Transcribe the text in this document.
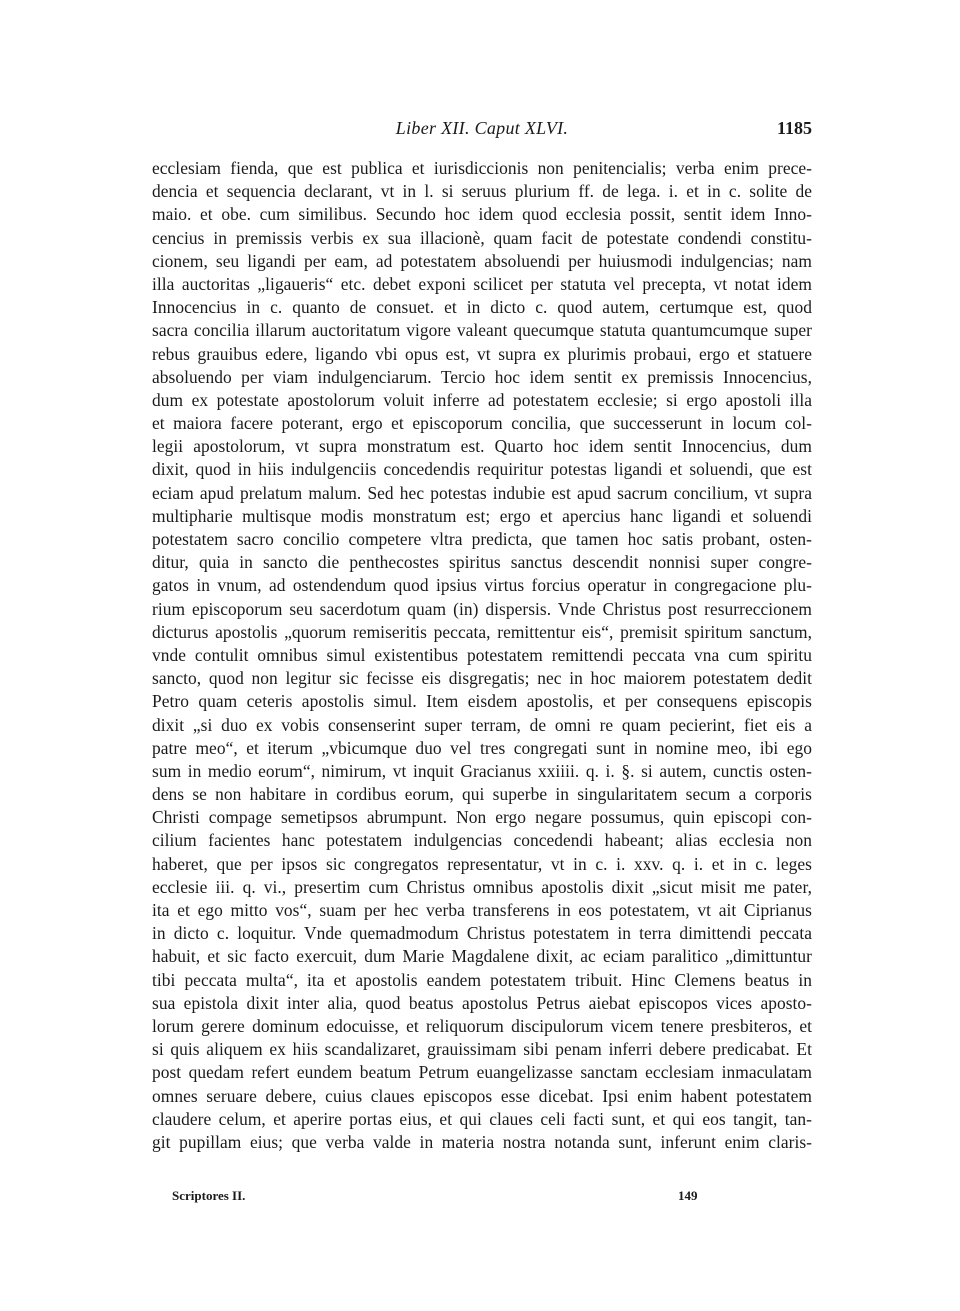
Liber XII. Caput XLVI.	1185
ecclesiam fienda, que est publica et iurisdiccionis non penitencialis; verba enim prece-
dencia et sequencia declarant, vt in l. si seruus plurium ff. de lega. i. et in c. solite de
maio. et obe. cum similibus. Secundo hoc idem quod ecclesia possit, sentit idem Inno-
cencius in premissis verbis ex sua illacionè, quam facit de potestate condendi constitu-
cionem, seu ligandi per eam, ad potestatem absoluendi per huiusmodi indulgencias; nam
illa auctoritas „ligaueris“ etc. debet exponi scilicet per statuta vel precepta, vt notat idem
Innocencius in c. quanto de consuet. et in dicto c. quod autem, certumque est, quod
sacra concilia illarum auctoritatum vigore valeant quecumque statuta quantumcumque super
rebus grauibus edere, ligando vbi opus est, vt supra ex plurimis probaui, ergo et statuere
absoluendo per viam indulgenciarum. Tercio hoc idem sentit ex premissis Innocencius,
dum ex potestate apostolorum voluit inferre ad potestatem ecclesie; si ergo apostoli illa
et maiora facere poterant, ergo et episcoporum concilia, que successerunt in locum col-
legii apostolorum, vt supra monstratum est. Quarto hoc idem sentit Innocencius, dum
dixit, quod in hiis indulgenciis concedendis requiritur potestas ligandi et soluendi, que est
eciam apud prelatum malum. Sed hec potestas indubie est apud sacrum concilium, vt supra
multipharie multisque modis monstratum est; ergo et apercius hanc ligandi et soluendi
potestatem sacro concilio competere vltra predicta, que tamen hoc satis probant, osten-
ditur, quia in sancto die penthecostes spiritus sanctus descendit nonnisi super congre-
gatos in vnum, ad ostendendum quod ipsius virtus forcius operatur in congregacione plu-
rium episcoporum seu sacerdotum quam (in) dispersis. Vnde Christus post resurreccionem
dicturus apostolis „quorum remiseritis peccata, remittentur eis“, premisit spiritum sanctum,
vnde contulit omnibus simul existentibus potestatem remittendi peccata vna cum spiritu
sancto, quod non legitur sic fecisse eis disgregatis; nec in hoc maiorem potestatem dedit
Petro quam ceteris apostolis simul. Item eisdem apostolis, et per consequens episcopis
dixit „si duo ex vobis consenserint super terram, de omni re quam pecierint, fiet eis a
patre meo“, et iterum „vbicumque duo vel tres congregati sunt in nomine meo, ibi ego
sum in medio eorum“, nimirum, vt inquit Gracianus xxiiii. q. i. §. si autem, cunctis osten-
dens se non habitare in cordibus eorum, qui superbe in singularitatem secum a corporis
Christi compage semetipsos abrumpunt. Non ergo negare possumus, quin episcopi con-
cilium facientes hanc potestatem indulgencias concedendi habeant; alias ecclesia non
haberet, que per ipsos sic congregatos representatur, vt in c. i. xxv. q. i. et in c. leges
ecclesie iii. q. vi., presertim cum Christus omnibus apostolis dixit „sicut misit me pater,
ita et ego mitto vos“, suam per hec verba transferens in eos potestatem, vt ait Ciprianus
in dicto c. loquitur. Vnde quemadmodum Christus potestatem in terra dimittendi peccata
habuit, et sic facto exercuit, dum Marie Magdalene dixit, ac eciam paralitico „dimittuntur
tibi peccata multa“, ita et apostolis eandem potestatem tribuit. Hinc Clemens beatus in
sua epistola dixit inter alia, quod beatus apostolus Petrus aiebat episcopos vices aposto-
lorum gerere dominum edocuisse, et reliquorum discipulorum vicem tenere presbiteros, et
si quis aliquem ex hiis scandalizaret, grauissimam sibi penam inferri debere predicabat. Et
post quedam refert eundem beatum Petrum euangelizasse sanctam ecclesiam inmaculatam
omnes seruare debere, cuius claues episcopos esse dicebat. Ipsi enim habent potestatem
claudere celum, et aperire portas eius, et qui claues celi facti sunt, et qui eos tangit, tan-
git pupillam eius; que verba valde in materia nostra notanda sunt, inferunt enim claris-
Scriptores II.	149
